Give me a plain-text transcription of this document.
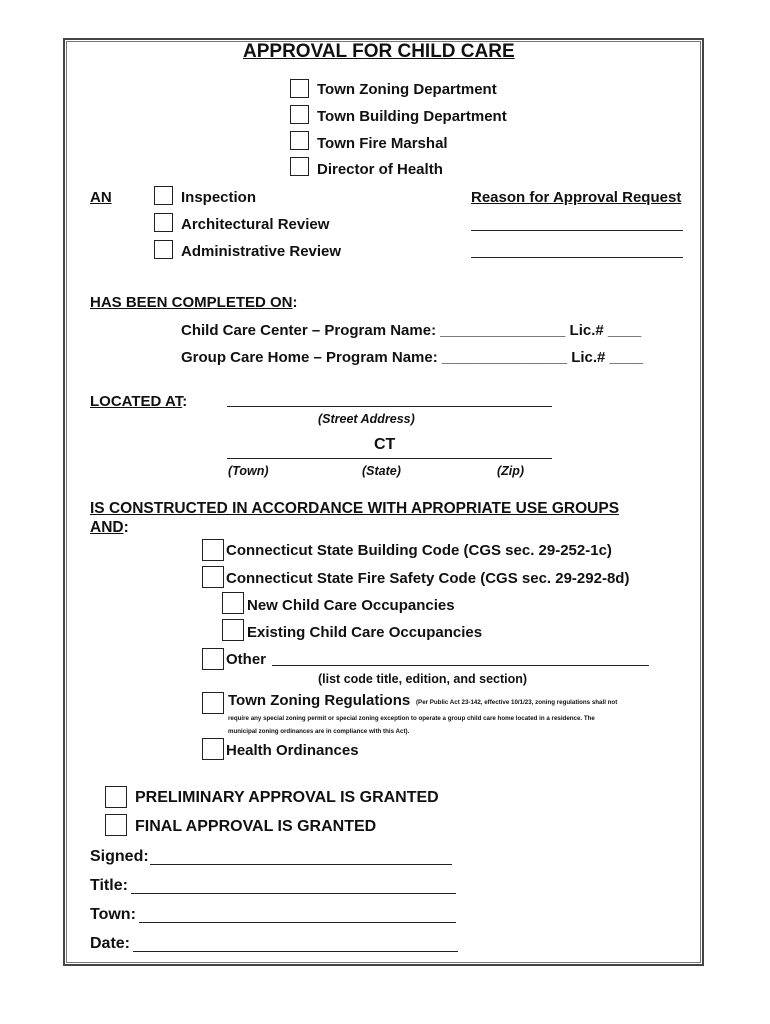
APPROVAL FOR CHILD CARE
Town Zoning Department
Town Building Department
Town Fire Marshal
Director of Health
AN	Inspection
Architectural Review
Administrative Review
Reason for Approval Request
HAS BEEN COMPLETED ON:
Child Care Center – Program Name: _______________ Lic.# ____
Group Care Home – Program Name: _______________ Lic.# ____
LOCATED AT:
(Street Address)
CT
(Town)	(State)	(Zip)
IS CONSTRUCTED IN ACCORDANCE WITH APROPRIATE USE GROUPS
AND:
Connecticut State Building Code (CGS sec. 29-252-1c)
Connecticut State Fire Safety Code (CGS sec. 29-292-8d)
New Child Care Occupancies
Existing Child Care Occupancies
Other
(list code title, edition, and section)
Town Zoning Regulations (Per Public Act 23-142, effective 10/1/23, zoning regulations shall not
require any special zoning permit or special zoning exception to operate a group child care home located in a residence. The
municipal zoning ordinances are in compliance with this Act).
Health Ordinances
PRELIMINARY APPROVAL IS GRANTED
FINAL APPROVAL IS GRANTED
Signed:
Title:
Town:
Date:
